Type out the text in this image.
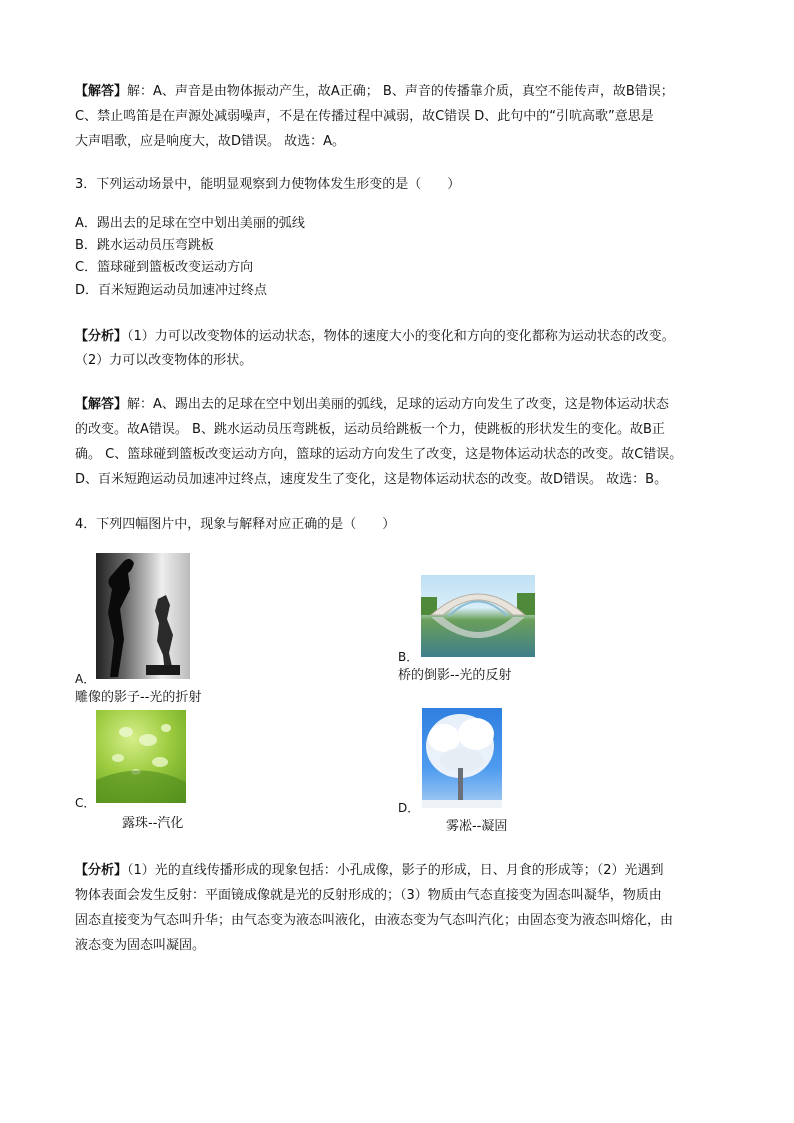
【解答】解：A、声音是由物体振动产生，故A正确； B、声音的传播靠介质，真空不能传声，故B错误；
C、禁止鸣笛是在声源处减弱噪声，不是在传播过程中减弱，故C错误 D、此句中的“引吭高歌”意思是
大声唱歌，应是响度大，故D错误。 故选：A。
3．下列运动场景中，能明显观察到力使物体发生形变的是（　　）
A．踢出去的足球在空中划出美丽的弧线
B．跳水运动员压弯跳板
C．篮球碰到篮板改变运动方向
D．百米短跑运动员加速冲过终点
【分析】（1）力可以改变物体的运动状态，物体的速度大小的变化和方向的变化都称为运动状态的改变。
（2）力可以改变物体的形状。
【解答】解：A、踢出去的足球在空中划出美丽的弧线，足球的运动方向发生了改变，这是物体运动状态
的改变。故A错误。 B、跳水运动员压弯跳板，运动员给跳板一个力，使跳板的形状发生的变化。故B正
确。 C、篮球碰到篮板改变运动方向，篮球的运动方向发生了改变，这是物体运动状态的改变。故C错误。
D、百米短跑运动员加速冲过终点，速度发生了变化，这是物体运动状态的改变。故D错误。 故选：B。
4．下列四幅图片中，现象与解释对应正确的是（　　）
A．
雕像的影子--光的折射
B．
桥的倒影--光的反射
C．
露珠--汽化
D．
雾凇--凝固
【分析】（1）光的直线传播形成的现象包括：小孔成像，影子的形成，日、月食的形成等；（2）光遇到
物体表面会发生反射：平面镜成像就是光的反射形成的；（3）物质由气态直接变为固态叫凝华，物质由
固态直接变为气态叫升华；由气态变为液态叫液化，由液态变为气态叫汽化；由固态变为液态叫熔化，由
液态变为固态叫凝固。
